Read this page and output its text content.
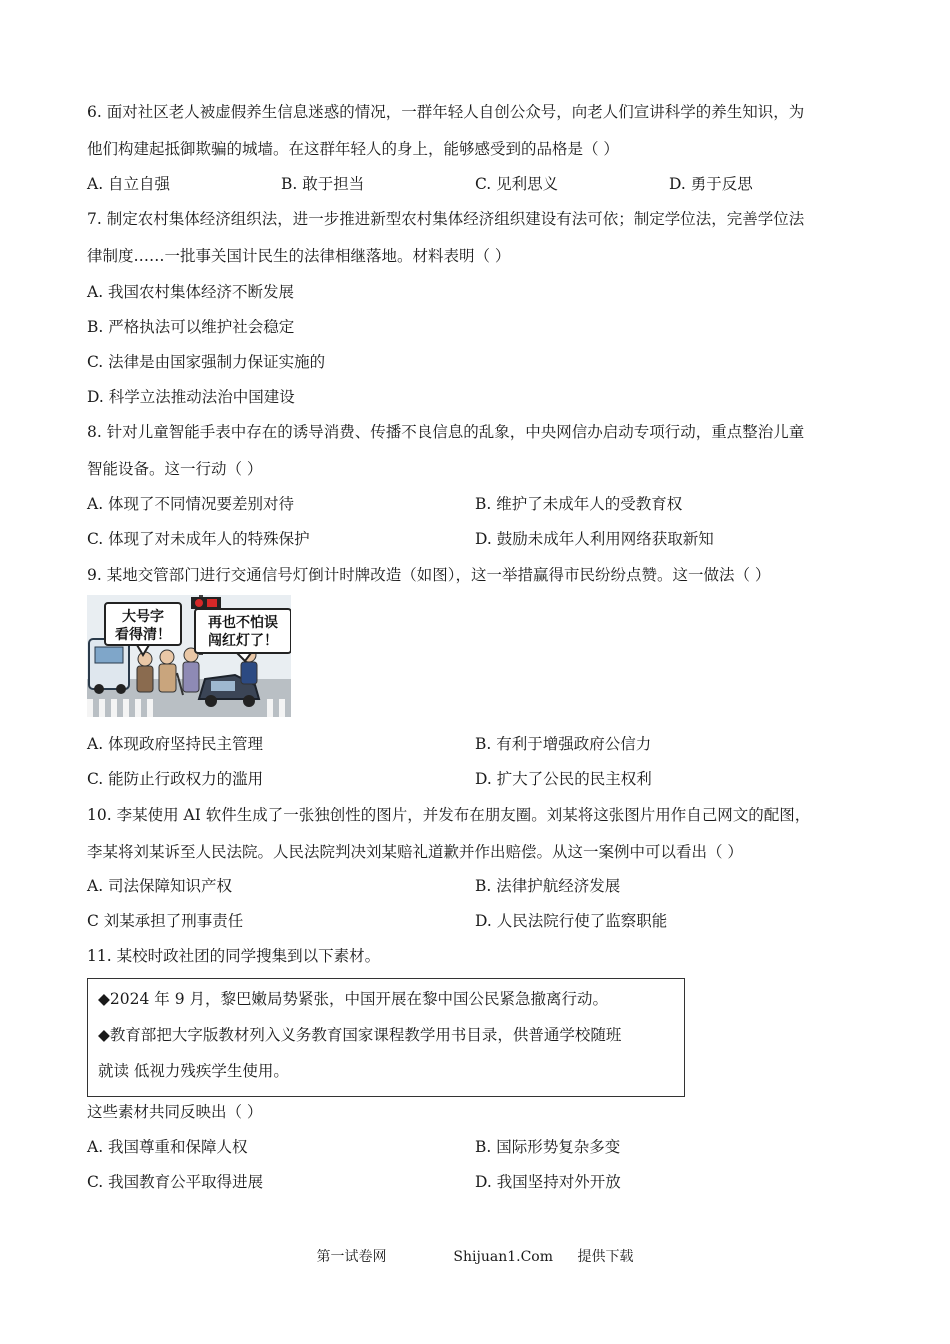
6. 面对社区老人被虚假养生信息迷惑的情况，一群年轻人自创公众号，向老人们宣讲科学的养生知识，为
他们构建起抵御欺骗的城墙。在这群年轻人的身上，能够感受到的品格是（ ）
A. 自立自强	B. 敢于担当	C. 见利思义	D. 勇于反思
7. 制定农村集体经济组织法，进一步推进新型农村集体经济组织建设有法可依；制定学位法，完善学位法
律制度……一批事关国计民生的法律相继落地。材料表明（ ）
A. 我国农村集体经济不断发展
B. 严格执法可以维护社会稳定
C. 法律是由国家强制力保证实施的
D. 科学立法推动法治中国建设
8. 针对儿童智能手表中存在的诱导消费、传播不良信息的乱象，中央网信办启动专项行动，重点整治儿童
智能设备。这一行动（ ）
A. 体现了不同情况要差别对待	B. 维护了未成年人的受教育权
C. 体现了对未成年人的特殊保护	D. 鼓励未成年人利用网络获取新知
9. 某地交管部门进行交通信号灯倒计时牌改造（如图），这一举措赢得市民纷纷点赞。这一做法（ ）
大号字
看得清！
再也不怕误
闯红灯了！
A. 体现政府坚持民主管理	B. 有利于增强政府公信力
C. 能防止行政权力的滥用	D. 扩大了公民的民主权利
10. 李某使用 AI 软件生成了一张独创性的图片，并发布在朋友圈。刘某将这张图片用作自己网文的配图，
李某将刘某诉至人民法院。人民法院判决刘某赔礼道歉并作出赔偿。从这一案例中可以看出（ ）
A. 司法保障知识产权	B. 法律护航经济发展
C 刘某承担了刑事责任	D. 人民法院行使了监察职能
11. 某校时政社团的同学搜集到以下素材。
◆2024 年 9 月，黎巴嫩局势紧张，中国开展在黎中国公民紧急撤离行动。
◆教育部把大字版教材列入义务教育国家课程教学用书目录，供普通学校随班
就读 低视力残疾学生使用。
这些素材共同反映出（ ）
A. 我国尊重和保障人权	B. 国际形势复杂多变
C. 我国教育公平取得进展	D. 我国坚持对外开放
第一试卷网	Shijuan1.Com 提供下载
